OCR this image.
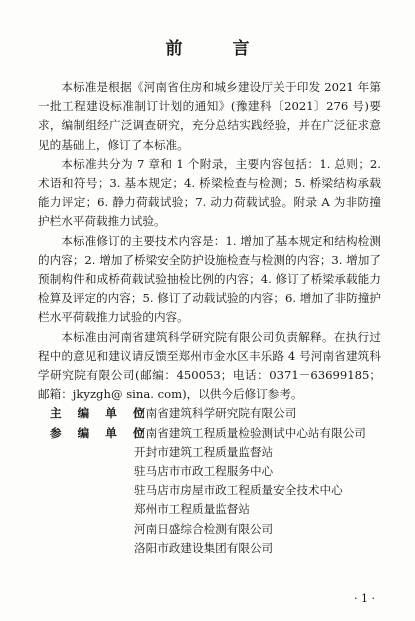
前 言

本标准是根据《河南省住房和城乡建设厅关于印发 2021 年第一批工程建设标准制订计划的通知》(豫建科〔2021〕276 号)要求，编制组经广泛调查研究，充分总结实践经验，并在广泛征求意见的基础上，修订了本标准。

本标准共分为 7 章和 1 个附录，主要内容包括：1. 总则；2. 术语和符号；3. 基本规定；4. 桥梁检查与检测；5. 桥梁结构承载能力评定；6. 静力荷载试验；7. 动力荷载试验。附录 A 为非防撞护栏水平荷载推力试验。

本标准修订的主要技术内容是：1. 增加了基本规定和结构检测的内容；2. 增加了桥梁安全防护设施检查与检测的内容；3. 增加了预制构件和成桥荷载试验抽检比例的内容；4. 修订了桥梁承载能力检算及评定的内容；5. 修订了动载试验的内容；6. 增加了非防撞护栏水平荷载推力试验的内容。

本标准由河南省建筑科学研究院有限公司负责解释。在执行过程中的意见和建议请反馈至郑州市金水区丰乐路 4 号河南省建筑科学研究院有限公司(邮编：450053；电话：0371－63699185；邮箱：jkyzgh@ sina. com)，以供今后修订参考。

主 编 单 位
河南省建筑科学研究院有限公司
参 编 单 位
河南省建筑工程质量检验测试中心站有限公司
开封市建筑工程质量监督站
驻马店市市政工程服务中心
驻马店市房屋市政工程质量安全技术中心
郑州市工程质量监督站
河南日盛综合检测有限公司
洛阳市政建设集团有限公司
· 1 ·
